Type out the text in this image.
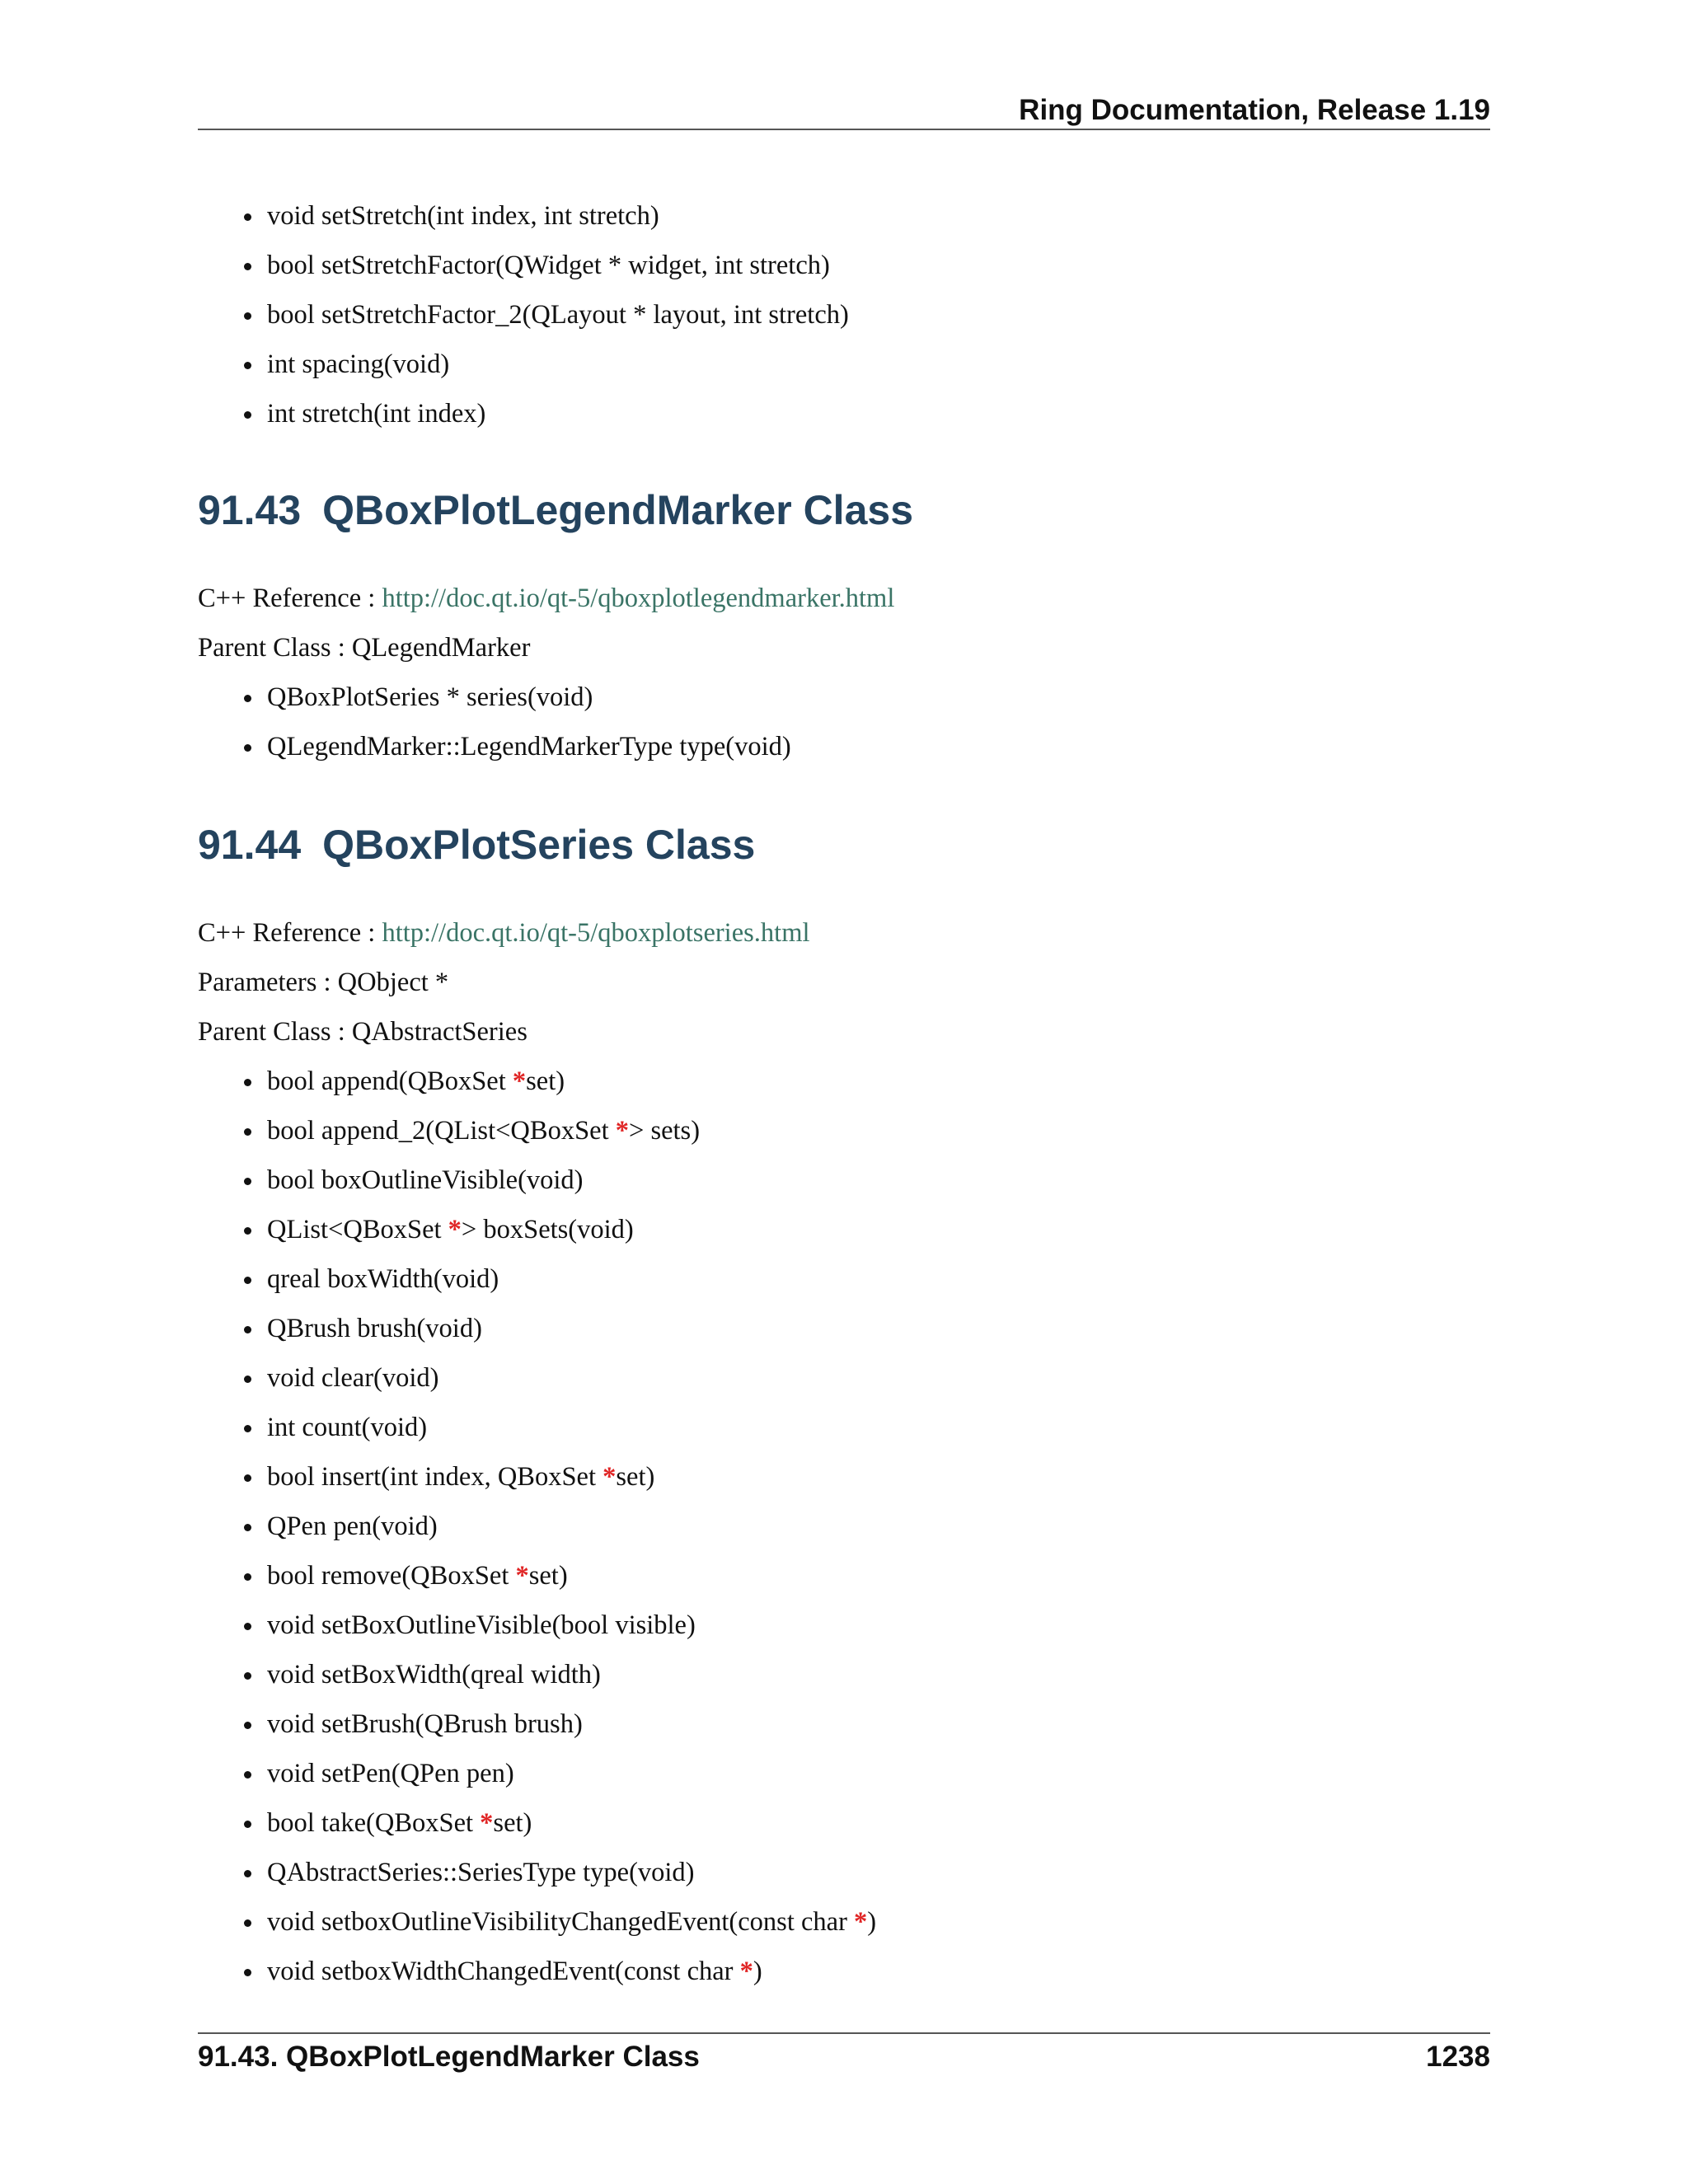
Ring Documentation, Release 1.19
void setStretch(int index, int stretch)
bool setStretchFactor(QWidget * widget, int stretch)
bool setStretchFactor_2(QLayout * layout, int stretch)
int spacing(void)
int stretch(int index)
91.43 QBoxPlotLegendMarker Class
C++ Reference : http://doc.qt.io/qt-5/qboxplotlegendmarker.html
Parent Class : QLegendMarker
QBoxPlotSeries * series(void)
QLegendMarker::LegendMarkerType type(void)
91.44 QBoxPlotSeries Class
C++ Reference : http://doc.qt.io/qt-5/qboxplotseries.html
Parameters : QObject *
Parent Class : QAbstractSeries
bool append(QBoxSet *set)
bool append_2(QList<QBoxSet *> sets)
bool boxOutlineVisible(void)
QList<QBoxSet *> boxSets(void)
qreal boxWidth(void)
QBrush brush(void)
void clear(void)
int count(void)
bool insert(int index, QBoxSet *set)
QPen pen(void)
bool remove(QBoxSet *set)
void setBoxOutlineVisible(bool visible)
void setBoxWidth(qreal width)
void setBrush(QBrush brush)
void setPen(QPen pen)
bool take(QBoxSet *set)
QAbstractSeries::SeriesType type(void)
void setboxOutlineVisibilityChangedEvent(const char *)
void setboxWidthChangedEvent(const char *)
91.43. QBoxPlotLegendMarker Class	1238
